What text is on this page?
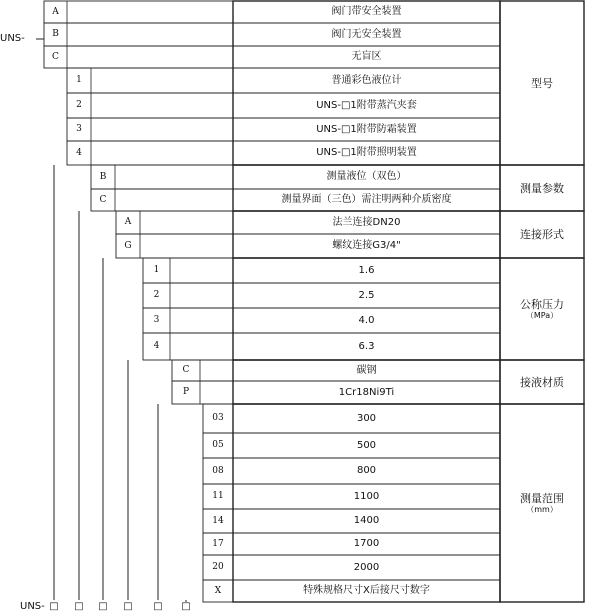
UNS-
型号
A	阀门带安全装置
B	阀门无安全装置
C	无盲区
1	普通彩色液位计
2	UNS-□1附带蒸汽夹套
3	UNS-□1附带防霜装置
4	UNS-□1附带照明装置
测量参数
B	测量液位（双色）
C	测量界面（三色）需注明两种介质密度
连接形式
A	法兰连接DN20
G	螺纹连接G3/4"
公称压力
（MPa）
1	1.6
2	2.5
3	4.0
4	6.3
接液材质
C	碳钢
P	1Cr18Ni9Ti
测量范围
（mm）
03	300
05	500
08	800
11	1100
14	1400
17	1700
20	2000
X	特殊规格尺寸X后接尺寸数字
UNS- □ □ □ □ □ □
